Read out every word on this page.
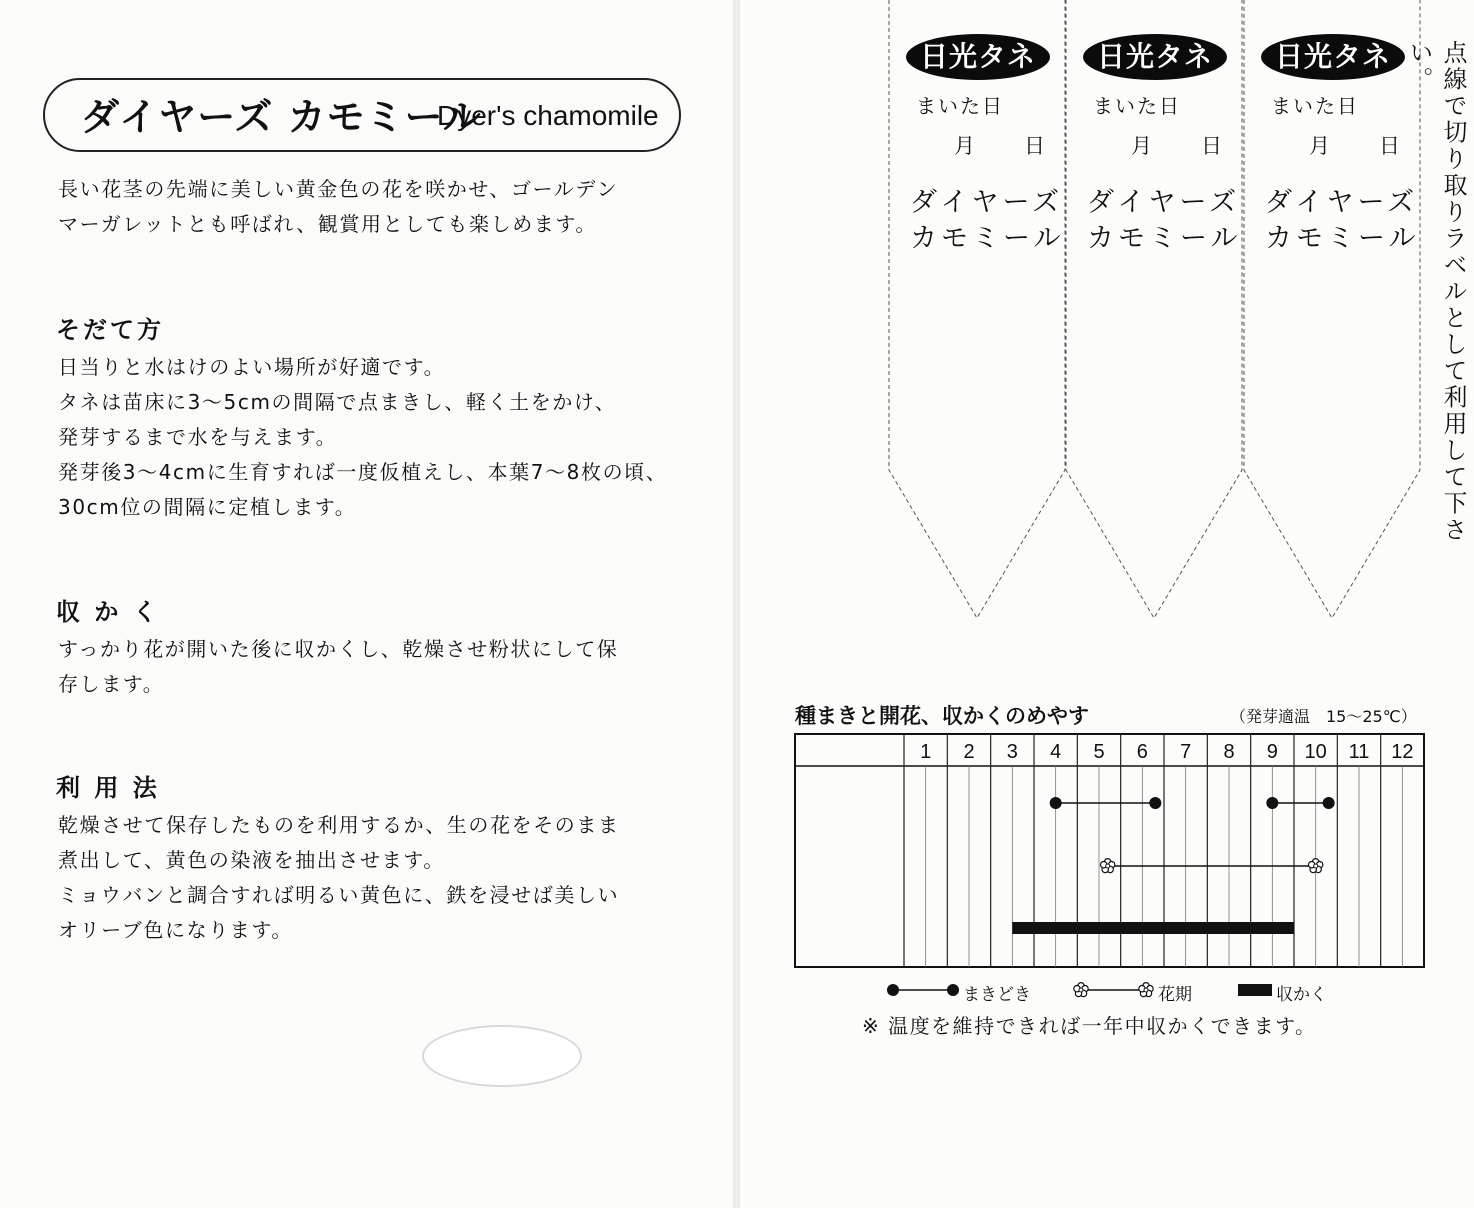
ダイヤーズ カモミール
Dyer's chamomile
長い花茎の先端に美しい黄金色の花を咲かせ、ゴールデン
マーガレットとも呼ばれ、観賞用としても楽しめます。
そだて方
日当りと水はけのよい場所が好適です。
タネは苗床に3〜5cmの間隔で点まきし、軽く土をかけ、
発芽するまで水を与えます。
発芽後3〜4cmに生育すれば一度仮植えし、本葉7〜8枚の頃、
30cm位の間隔に定植します。
収 か く
すっかり花が開いた後に収かくし、乾燥させ粉状にして保
存します。
利 用 法
乾燥させて保存したものを利用するか、生の花をそのまま
煮出して、黄色の染液を抽出させます。
ミョウバンと調合すれば明るい黄色に、鉄を浸せば美しい
オリーブ色になります。
日光タネ
まいた日
月 日
ダイヤーズ
カモミール
日光タネ
まいた日
月 日
ダイヤーズ
カモミール
日光タネ
まいた日
月 日
ダイヤーズ
カモミール 点線で切り取りラベルとして利用して下さい。
種まきと開花、収かくのめやす	（発芽適温　15〜25℃）
1 2 3 4 5 6 7 8 9 10 11 12
まきどき	花期	収かく
※ 温度を維持できれば一年中収かくできます。
